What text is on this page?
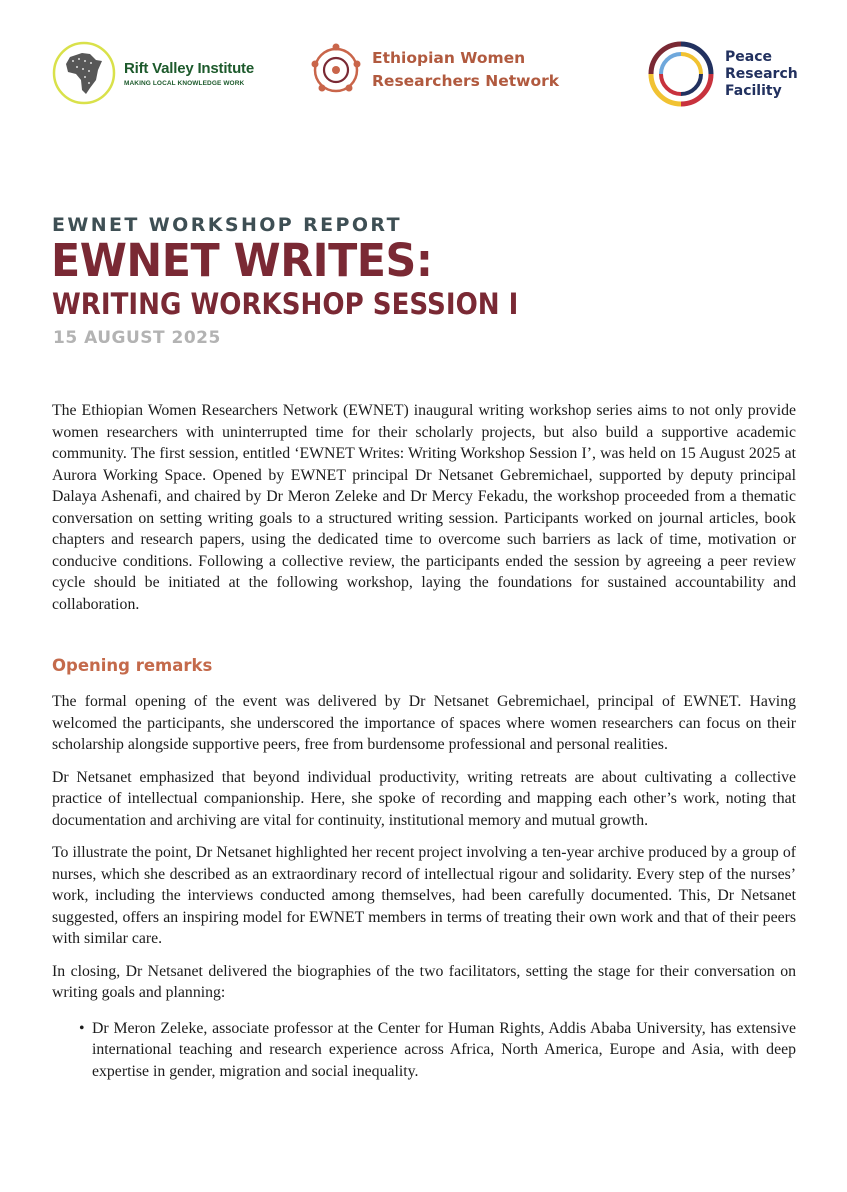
Rift Valley Institute
MAKING LOCAL KNOWLEDGE WORK
Ethiopian Women
Researchers Network
Peace
Research
Facility
EWNET WORKSHOP REPORT
EWNET WRITES:
WRITING WORKSHOP SESSION I
15 AUGUST 2025

The Ethiopian Women Researchers Network (EWNET) inaugural writing workshop series aims to not only provide women researchers with uninterrupted time for their scholarly projects, but also build a supportive academic community. The first session, entitled ‘EWNET Writes: Writing Workshop Session I’, was held on 15 August 2025 at Aurora Working Space. Opened by EWNET principal Dr Netsanet Gebremichael, supported by deputy principal Dalaya Ashenafi, and chaired by Dr Meron Zeleke and Dr Mercy Fekadu, the workshop proceeded from a thematic conversation on setting writing goals to a structured writing session. Participants worked on journal articles, book chapters and research papers, using the dedicated time to overcome such barriers as lack of time, motivation or conducive conditions. Following a collective review, the participants ended the session by agreeing a peer review cycle should be initiated at the following workshop, laying the foundations for sustained accountability and collaboration.

Opening remarks

The formal opening of the event was delivered by Dr Netsanet Gebremichael, principal of EWNET. Having welcomed the participants, she underscored the importance of spaces where women researchers can focus on their scholarship alongside supportive peers, free from burdensome professional and personal realities.

Dr Netsanet emphasized that beyond individual productivity, writing retreats are about cultivating a collective practice of intellectual companionship. Here, she spoke of recording and mapping each other’s work, noting that documentation and archiving are vital for continuity, institutional memory and mutual growth.

To illustrate the point, Dr Netsanet highlighted her recent project involving a ten-year archive produced by a group of nurses, which she described as an extraordinary record of intellectual rigour and solidarity. Every step of the nurses’ work, including the interviews conducted among themselves, had been carefully documented. This, Dr Netsanet suggested, offers an inspiring model for EWNET members in terms of treating their own work and that of their peers with similar care.

In closing, Dr Netsanet delivered the biographies of the two facilitators, setting the stage for their conversation on writing goals and planning:

• Dr Meron Zeleke, associate professor at the Center for Human Rights, Addis Ababa University, has extensive international teaching and research experience across Africa, North America, Europe and Asia, with deep expertise in gender, migration and social inequality.
